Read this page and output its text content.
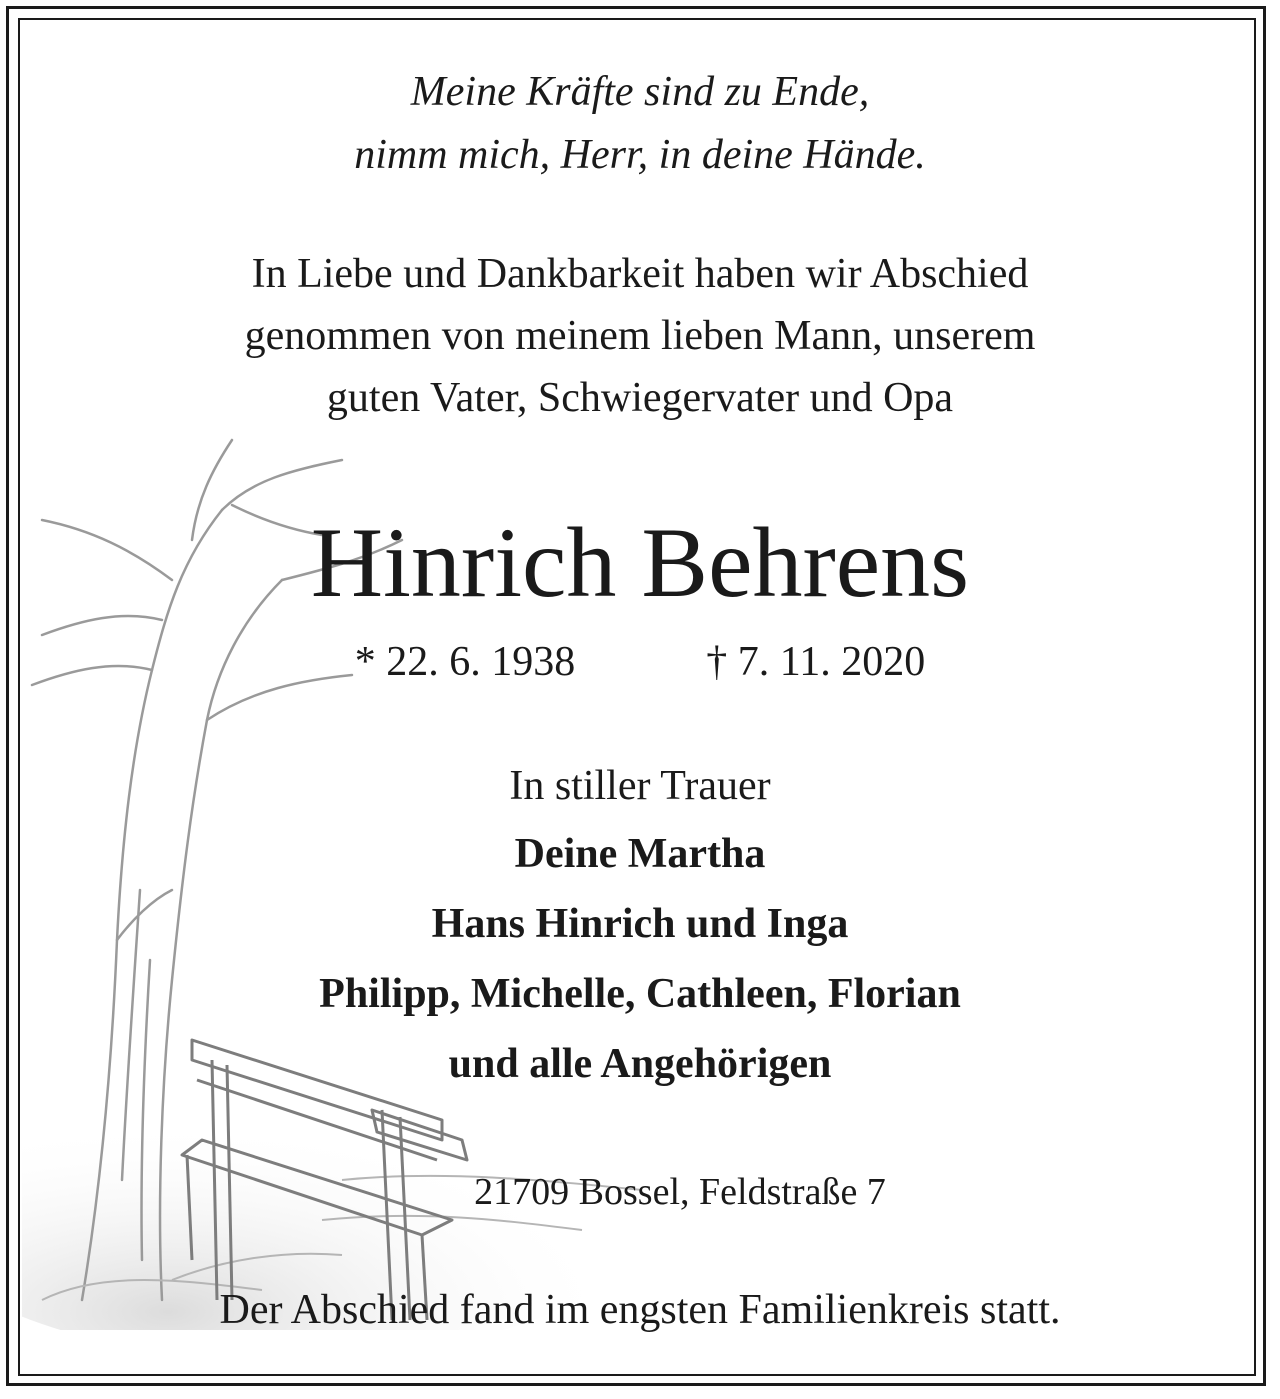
Meine Kräfte sind zu Ende,
nimm mich, Herr, in deine Hände.
In Liebe und Dankbarkeit haben wir Abschied
genommen von meinem lieben Mann, unserem
guten Vater, Schwiegervater und Opa
Hinrich Behrens
* 22. 6. 1938	† 7. 11. 2020
In stiller Trauer
Deine Martha
Hans Hinrich und Inga
Philipp, Michelle, Cathleen, Florian
und alle Angehörigen
21709 Bossel, Feldstraße 7
Der Abschied fand im engsten Familienkreis statt.
